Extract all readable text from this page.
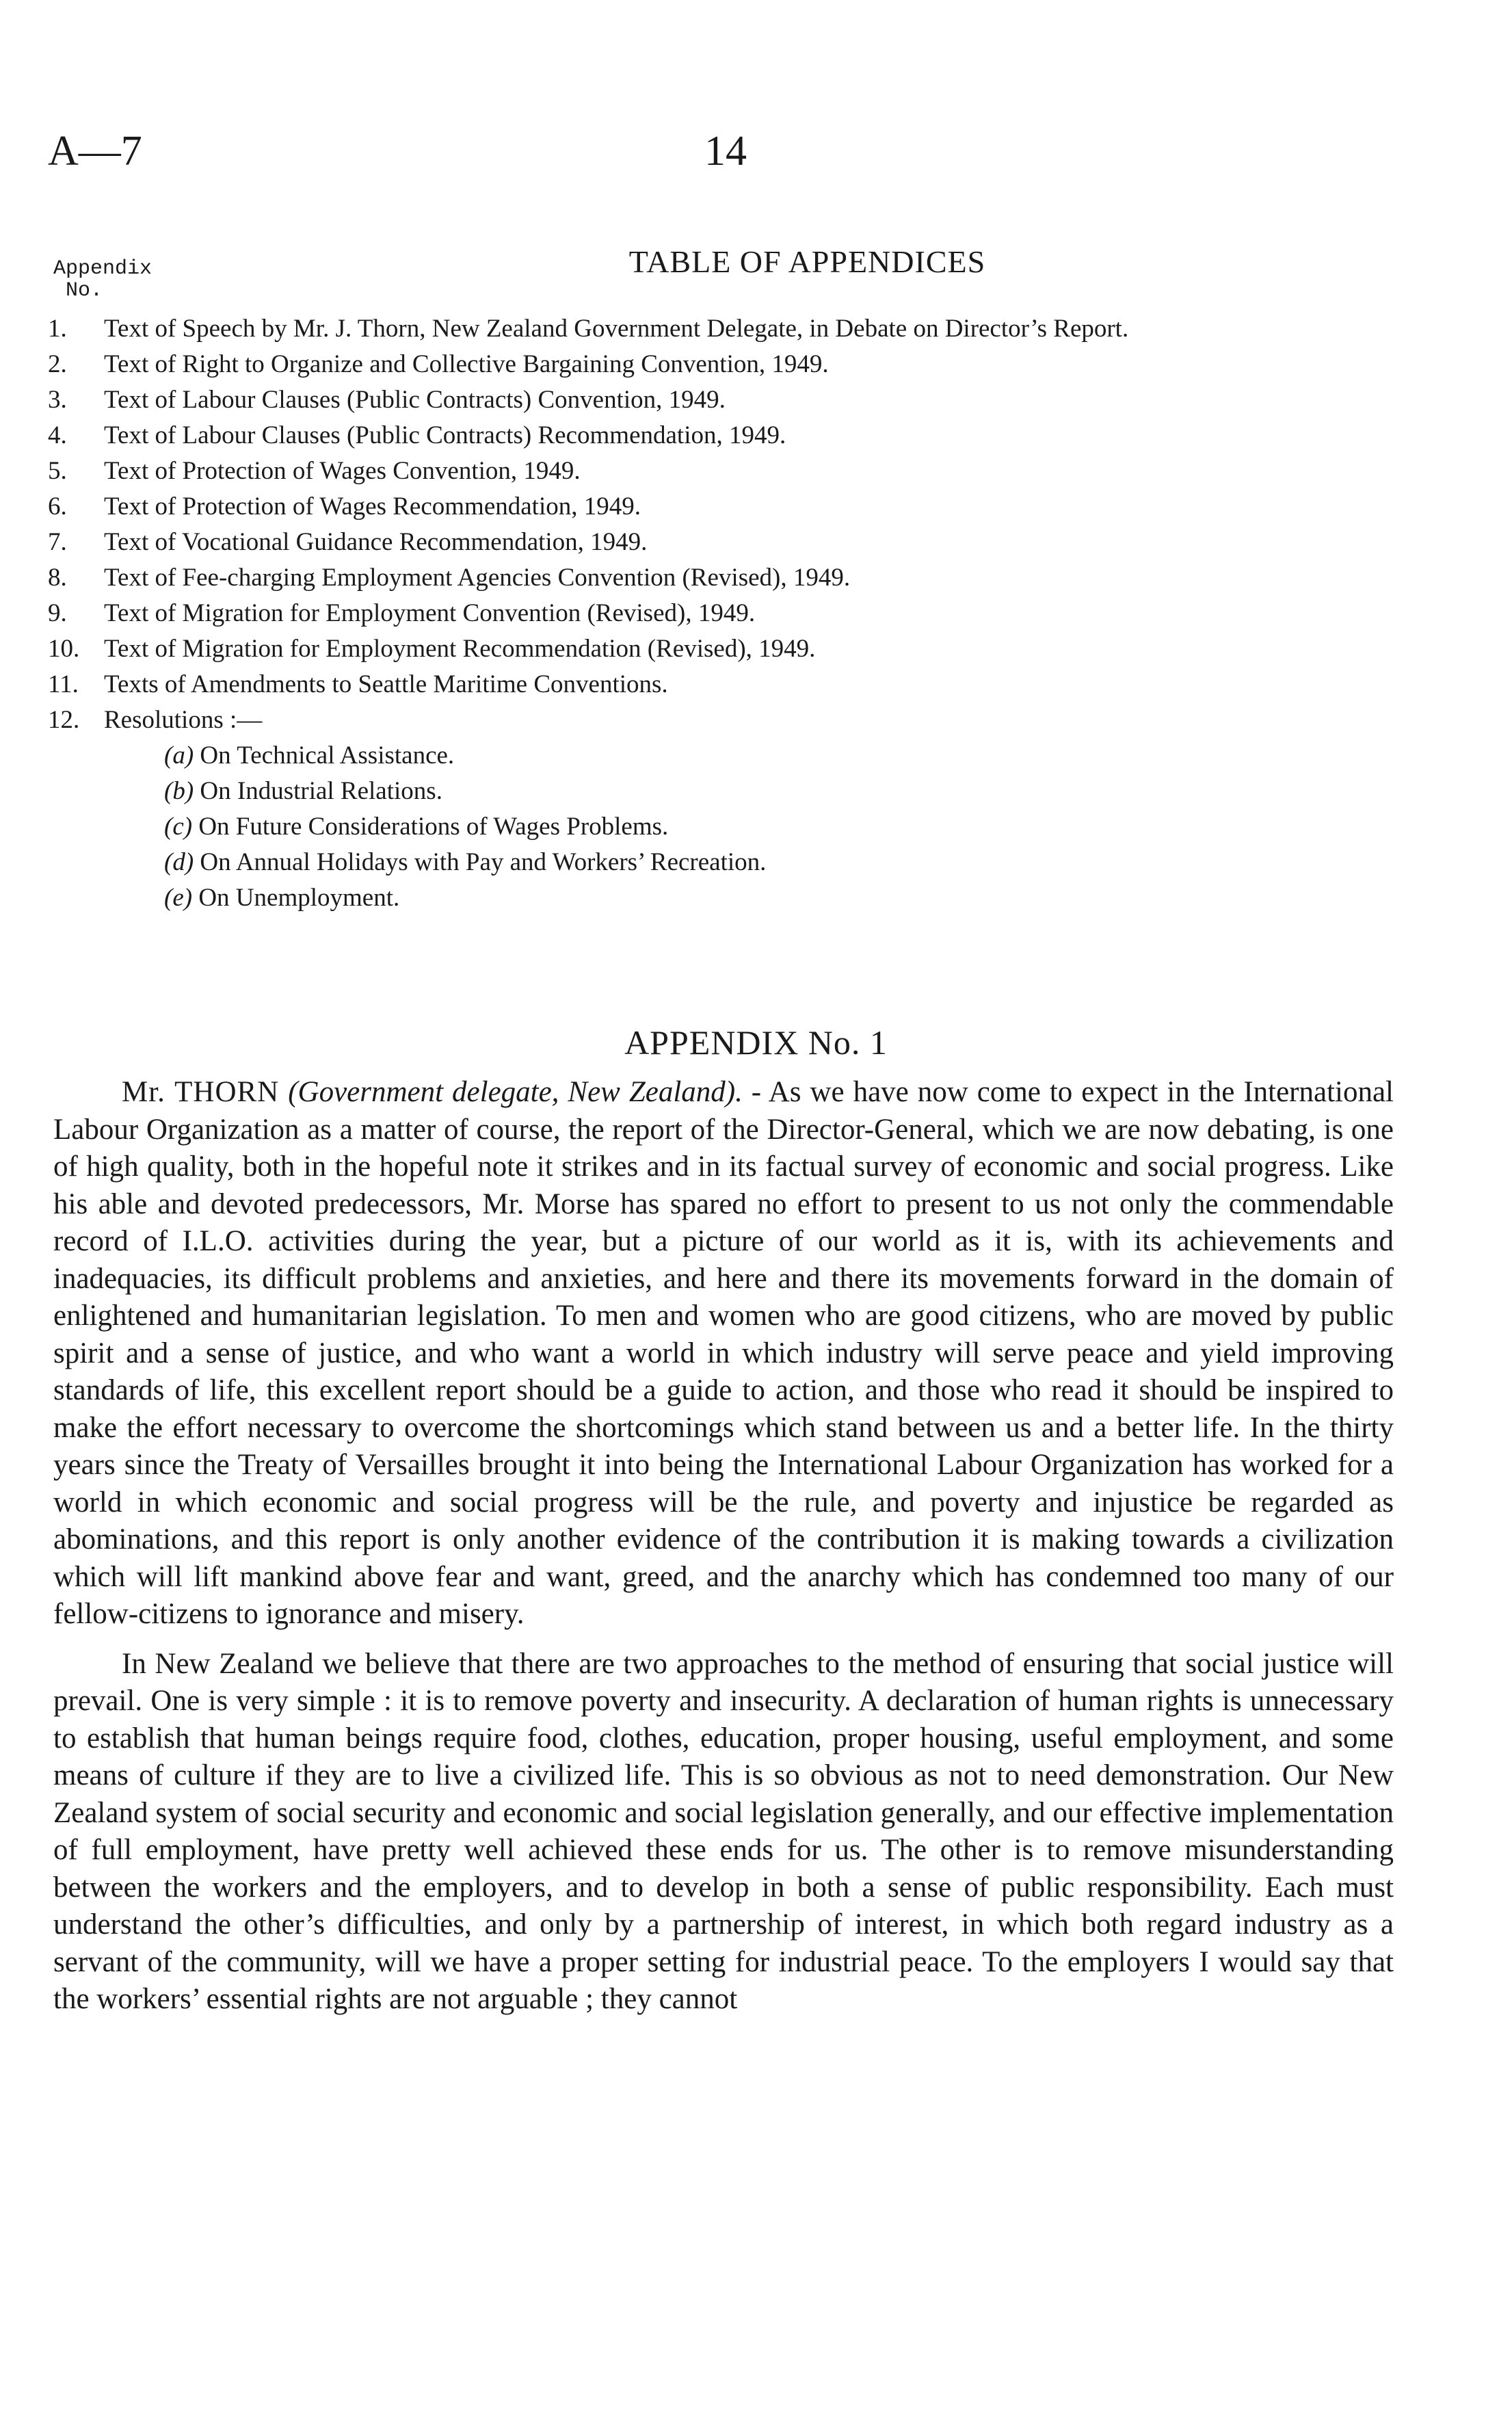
A—7	14
Appendix
No.
TABLE OF APPENDICES
1.	Text of Speech by Mr. J. Thorn, New Zealand Government Delegate, in Debate on Director’s Report.
2.	Text of Right to Organize and Collective Bargaining Convention, 1949.
3.	Text of Labour Clauses (Public Contracts) Convention, 1949.
4.	Text of Labour Clauses (Public Contracts) Recommendation, 1949.
5.	Text of Protection of Wages Convention, 1949.
6.	Text of Protection of Wages Recommendation, 1949.
7.	Text of Vocational Guidance Recommendation, 1949.
8.	Text of Fee-charging Employment Agencies Convention (Revised), 1949.
9.	Text of Migration for Employment Convention (Revised), 1949.
10. Text of Migration for Employment Recommendation (Revised), 1949.
11.	Texts of Amendments to Seattle Maritime Conventions.
12. Resolutions :—
(a) On Technical Assistance.
(b) On Industrial Relations.
(c) On Future Considerations of Wages Problems.
(d) On Annual Holidays with Pay and Workers’ Recreation.
(e) On Unemployment.
APPENDIX No. 1

Mr. THORN (Government delegate, New Zealand). - As we have now come to expect in the International Labour Organization as a matter of course, the report of the Director-General, which we are now debating, is one of high quality, both in the hopeful note it strikes and in its factual survey of economic and social progress. Like his able and devoted predecessors, Mr. Morse has spared no effort to present to us not only the commendable record of I.L.O. activities during the year, but a picture of our world as it is, with its achievements and inadequacies, its difficult problems and anxieties, and here and there its movements forward in the domain of enlightened and humanitarian legislation. To men and women who are good citizens, who are moved by public spirit and a sense of justice, and who want a world in which industry will serve peace and yield improving standards of life, this excellent report should be a guide to action, and those who read it should be inspired to make the effort necessary to overcome the shortcomings which stand between us and a better life. In the thirty years since the Treaty of Versailles brought it into being the International Labour Organization has worked for a world in which economic and social progress will be the rule, and poverty and injustice be regarded as abominations, and this report is only another evidence of the contribution it is making towards a civilization which will lift mankind above fear and want, greed, and the anarchy which has condemned too many of our fellow-citizens to ignorance and misery.

In New Zealand we believe that there are two approaches to the method of ensuring that social justice will prevail. One is very simple : it is to remove poverty and insecurity. A declaration of human rights is unnecessary to establish that human beings require food, clothes, education, proper housing, useful employment, and some means of culture if they are to live a civilized life. This is so obvious as not to need demonstration. Our New Zealand system of social security and economic and social legislation generally, and our effective implementation of full employment, have pretty well achieved these ends for us. The other is to remove misunderstanding between the workers and the employers, and to develop in both a sense of public responsibility. Each must understand the other’s difficulties, and only by a partnership of interest, in which both regard industry as a servant of the community, will we have a proper setting for industrial peace. To the employers I would say that the workers’ essential rights are not arguable ; they cannot
